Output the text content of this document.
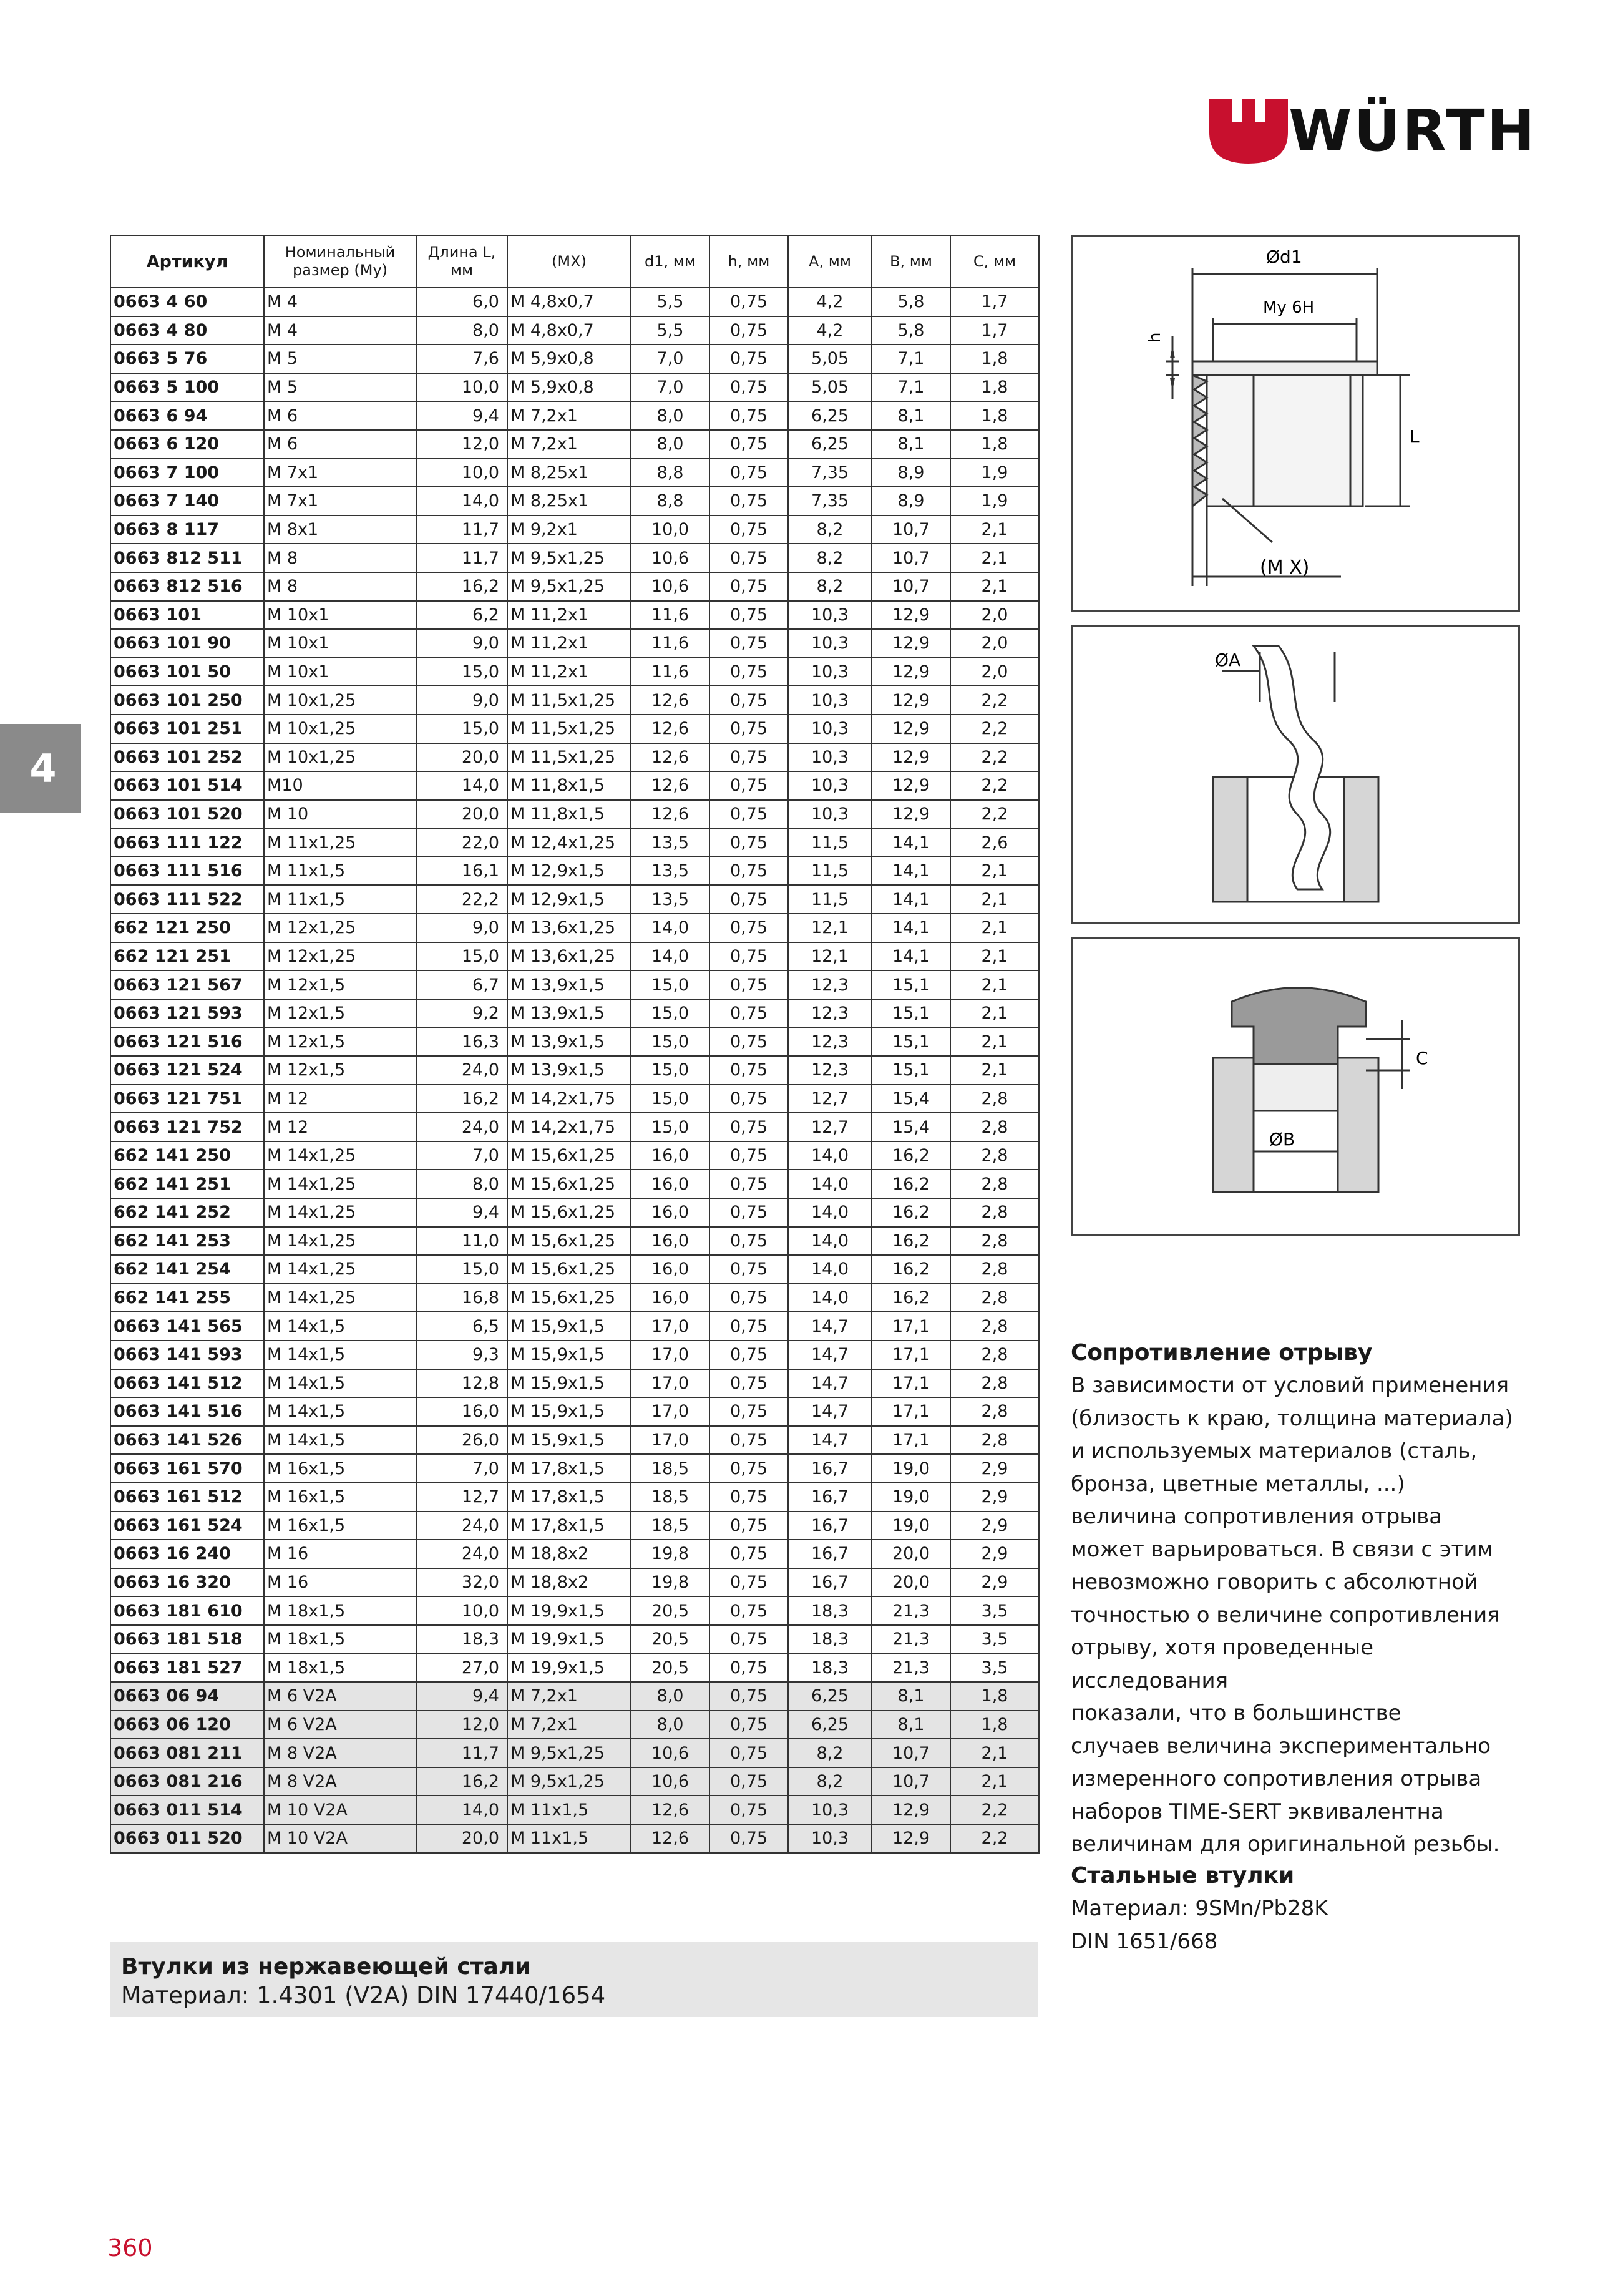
WÜRTH
4
Артикул	Номинальный размер (My)	Длина L, мм	(MX)	d1, мм	h, мм	A, мм	B, мм	C, мм
0663 4 60	M 4	6,0	M 4,8x0,7	5,5	0,75	4,2	5,8	1,7
0663 4 80	M 4	8,0	M 4,8x0,7	5,5	0,75	4,2	5,8	1,7
0663 5 76	M 5	7,6	M 5,9x0,8	7,0	0,75	5,05	7,1	1,8
0663 5 100	M 5	10,0	M 5,9x0,8	7,0	0,75	5,05	7,1	1,8
0663 6 94	M 6	9,4	M 7,2x1	8,0	0,75	6,25	8,1	1,8
0663 6 120	M 6	12,0	M 7,2x1	8,0	0,75	6,25	8,1	1,8
0663 7 100	M 7x1	10,0	M 8,25x1	8,8	0,75	7,35	8,9	1,9
0663 7 140	M 7x1	14,0	M 8,25x1	8,8	0,75	7,35	8,9	1,9
0663 8 117	M 8x1	11,7	M 9,2x1	10,0	0,75	8,2	10,7	2,1
0663 812 511	M 8	11,7	M 9,5x1,25	10,6	0,75	8,2	10,7	2,1
0663 812 516	M 8	16,2	M 9,5x1,25	10,6	0,75	8,2	10,7	2,1
0663 101	M 10x1	6,2	M 11,2x1	11,6	0,75	10,3	12,9	2,0
0663 101 90	M 10x1	9,0	M 11,2x1	11,6	0,75	10,3	12,9	2,0
0663 101 50	M 10x1	15,0	M 11,2x1	11,6	0,75	10,3	12,9	2,0
0663 101 250	M 10x1,25	9,0	M 11,5x1,25	12,6	0,75	10,3	12,9	2,2
0663 101 251	M 10x1,25	15,0	M 11,5x1,25	12,6	0,75	10,3	12,9	2,2
0663 101 252	M 10x1,25	20,0	M 11,5x1,25	12,6	0,75	10,3	12,9	2,2
0663 101 514	M10	14,0	M 11,8x1,5	12,6	0,75	10,3	12,9	2,2
0663 101 520	M 10	20,0	M 11,8x1,5	12,6	0,75	10,3	12,9	2,2
0663 111 122	M 11x1,25	22,0	M 12,4x1,25	13,5	0,75	11,5	14,1	2,6
0663 111 516	M 11x1,5	16,1	M 12,9x1,5	13,5	0,75	11,5	14,1	2,1
0663 111 522	M 11x1,5	22,2	M 12,9x1,5	13,5	0,75	11,5	14,1	2,1
662 121 250	M 12x1,25	9,0	M 13,6x1,25	14,0	0,75	12,1	14,1	2,1
662 121 251	M 12x1,25	15,0	M 13,6x1,25	14,0	0,75	12,1	14,1	2,1
0663 121 567	M 12x1,5	6,7	M 13,9x1,5	15,0	0,75	12,3	15,1	2,1
0663 121 593	M 12x1,5	9,2	M 13,9x1,5	15,0	0,75	12,3	15,1	2,1
0663 121 516	M 12x1,5	16,3	M 13,9x1,5	15,0	0,75	12,3	15,1	2,1
0663 121 524	M 12x1,5	24,0	M 13,9x1,5	15,0	0,75	12,3	15,1	2,1
0663 121 751	M 12	16,2	M 14,2x1,75	15,0	0,75	12,7	15,4	2,8
0663 121 752	M 12	24,0	M 14,2x1,75	15,0	0,75	12,7	15,4	2,8
662 141 250	M 14x1,25	7,0	M 15,6x1,25	16,0	0,75	14,0	16,2	2,8
662 141 251	M 14x1,25	8,0	M 15,6x1,25	16,0	0,75	14,0	16,2	2,8
662 141 252	M 14x1,25	9,4	M 15,6x1,25	16,0	0,75	14,0	16,2	2,8
662 141 253	M 14x1,25	11,0	M 15,6x1,25	16,0	0,75	14,0	16,2	2,8
662 141 254	M 14x1,25	15,0	M 15,6x1,25	16,0	0,75	14,0	16,2	2,8
662 141 255	M 14x1,25	16,8	M 15,6x1,25	16,0	0,75	14,0	16,2	2,8
0663 141 565	M 14x1,5	6,5	M 15,9x1,5	17,0	0,75	14,7	17,1	2,8
0663 141 593	M 14x1,5	9,3	M 15,9x1,5	17,0	0,75	14,7	17,1	2,8
0663 141 512	M 14x1,5	12,8	M 15,9x1,5	17,0	0,75	14,7	17,1	2,8
0663 141 516	M 14x1,5	16,0	M 15,9x1,5	17,0	0,75	14,7	17,1	2,8
0663 141 526	M 14x1,5	26,0	M 15,9x1,5	17,0	0,75	14,7	17,1	2,8
0663 161 570	M 16x1,5	7,0	M 17,8x1,5	18,5	0,75	16,7	19,0	2,9
0663 161 512	M 16x1,5	12,7	M 17,8x1,5	18,5	0,75	16,7	19,0	2,9
0663 161 524	M 16x1,5	24,0	M 17,8x1,5	18,5	0,75	16,7	19,0	2,9
0663 16 240	M 16	24,0	M 18,8x2	19,8	0,75	16,7	20,0	2,9
0663 16 320	M 16	32,0	M 18,8x2	19,8	0,75	16,7	20,0	2,9
0663 181 610	M 18x1,5	10,0	M 19,9x1,5	20,5	0,75	18,3	21,3	3,5
0663 181 518	M 18x1,5	18,3	M 19,9x1,5	20,5	0,75	18,3	21,3	3,5
0663 181 527	M 18x1,5	27,0	M 19,9x1,5	20,5	0,75	18,3	21,3	3,5
0663 06 94	M 6 V2A	9,4	M 7,2x1	8,0	0,75	6,25	8,1	1,8
0663 06 120	M 6 V2A	12,0	M 7,2x1	8,0	0,75	6,25	8,1	1,8
0663 081 211	M 8 V2A	11,7	M 9,5x1,25	10,6	0,75	8,2	10,7	2,1
0663 081 216	M 8 V2A	16,2	M 9,5x1,25	10,6	0,75	8,2	10,7	2,1
0663 011 514	M 10 V2A	14,0	M 11x1,5	12,6	0,75	10,3	12,9	2,2
0663 011 520	M 10 V2A	20,0	M 11x1,5	12,6	0,75	10,3	12,9	2,2
Втулки из нержавеющей стали
Материал: 1.4301 (V2A) DIN 17440/1654
h
Ød1
My 6H
L
(M X)
ØA
ØB
C
Сопротивление отрыву
В зависимости от условий применения
(близость к краю, толщина материала)
и используемых материалов (сталь,
бронза, цветные металлы, ...)
величина сопротивления отрыва
может варьироваться. В связи с этим
невозможно говорить с абсолютной
точностью о величине сопротивления
отрыву, хотя проведенные исследования
показали, что в большинстве
случаев величина экспериментально
измеренного сопротивления отрыва
наборов TIME-SERT эквивалентна
величинам для оригинальной резьбы.
Стальные втулки
Материал: 9SMn/Pb28K
DIN 1651/668
360
